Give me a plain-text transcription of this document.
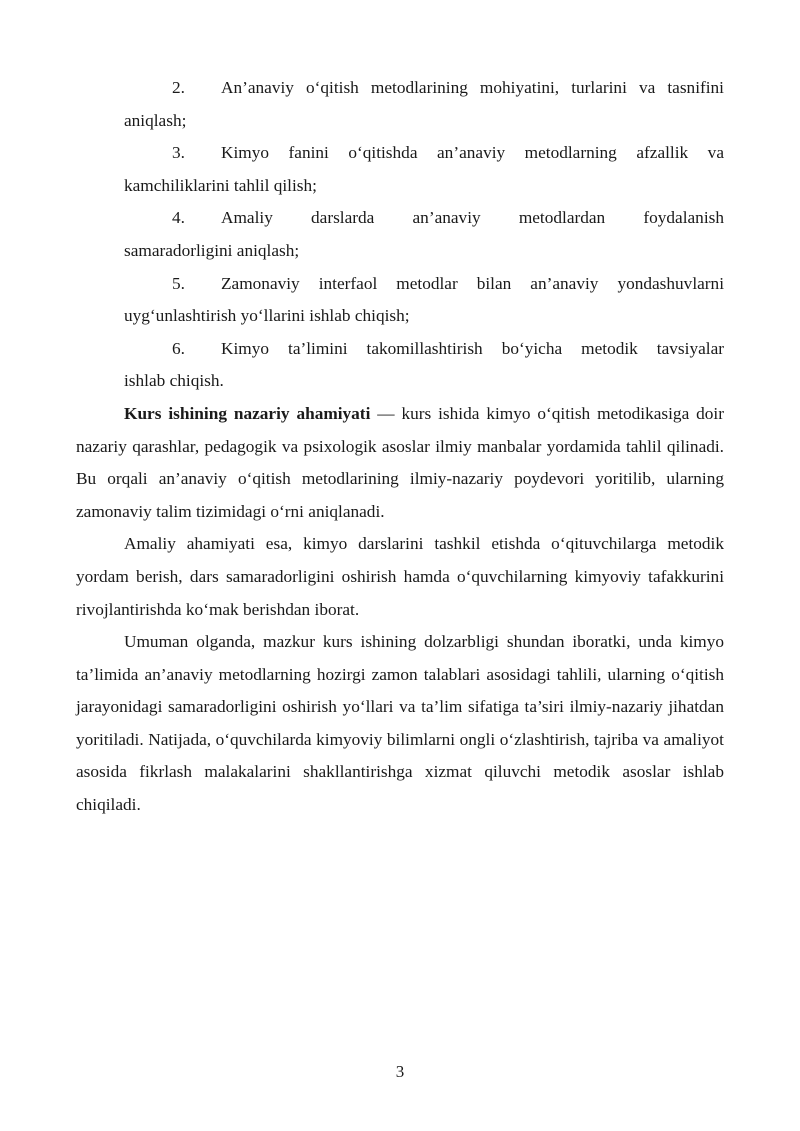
2. An’anaviy o‘qitish metodlarining mohiyatini, turlarini va tasnifini
aniqlash;
3. Kimyo fanini o‘qitishda an’anaviy metodlarning afzallik va
kamchiliklarini tahlil qilish;
4. Amaliy darslarda an’anaviy metodlardan foydalanish
samaradorligini aniqlash;
5. Zamonaviy interfaol metodlar bilan an’anaviy yondashuvlarni
uyg‘unlashtirish yo‘llarini ishlab chiqish;
6. Kimyo ta’limini takomillashtirish bo‘yicha metodik tavsiyalar
ishlab chiqish.

Kurs ishining nazariy ahamiyati — kurs ishida kimyo o‘qitish metodikasiga doir nazariy qarashlar, pedagogik va psixologik asoslar ilmiy manbalar yordamida tahlil qilinadi. Bu orqali an’anaviy o‘qitish metodlarining ilmiy-nazariy poydevori yoritilib, ularning zamonaviy talim tizimidagi o‘rni aniqlanadi.

Amaliy ahamiyati esa, kimyo darslarini tashkil etishda o‘qituvchilarga metodik yordam berish, dars samaradorligini oshirish hamda o‘quvchilarning kimyoviy tafakkurini rivojlantirishda ko‘mak berishdan iborat.

Umuman olganda, mazkur kurs ishining dolzarbligi shundan iboratki, unda kimyo ta’limida an’anaviy metodlarning hozirgi zamon talablari asosidagi tahlili, ularning o‘qitish jarayonidagi samaradorligini oshirish yo‘llari va ta’lim sifatiga ta’siri ilmiy-nazariy jihatdan yoritiladi. Natijada, o‘quvchilarda kimyoviy bilimlarni ongli o‘zlashtirish, tajriba va amaliyot asosida fikrlash malakalarini shakllantirishga xizmat qiluvchi metodik asoslar ishlab chiqiladi.

3
